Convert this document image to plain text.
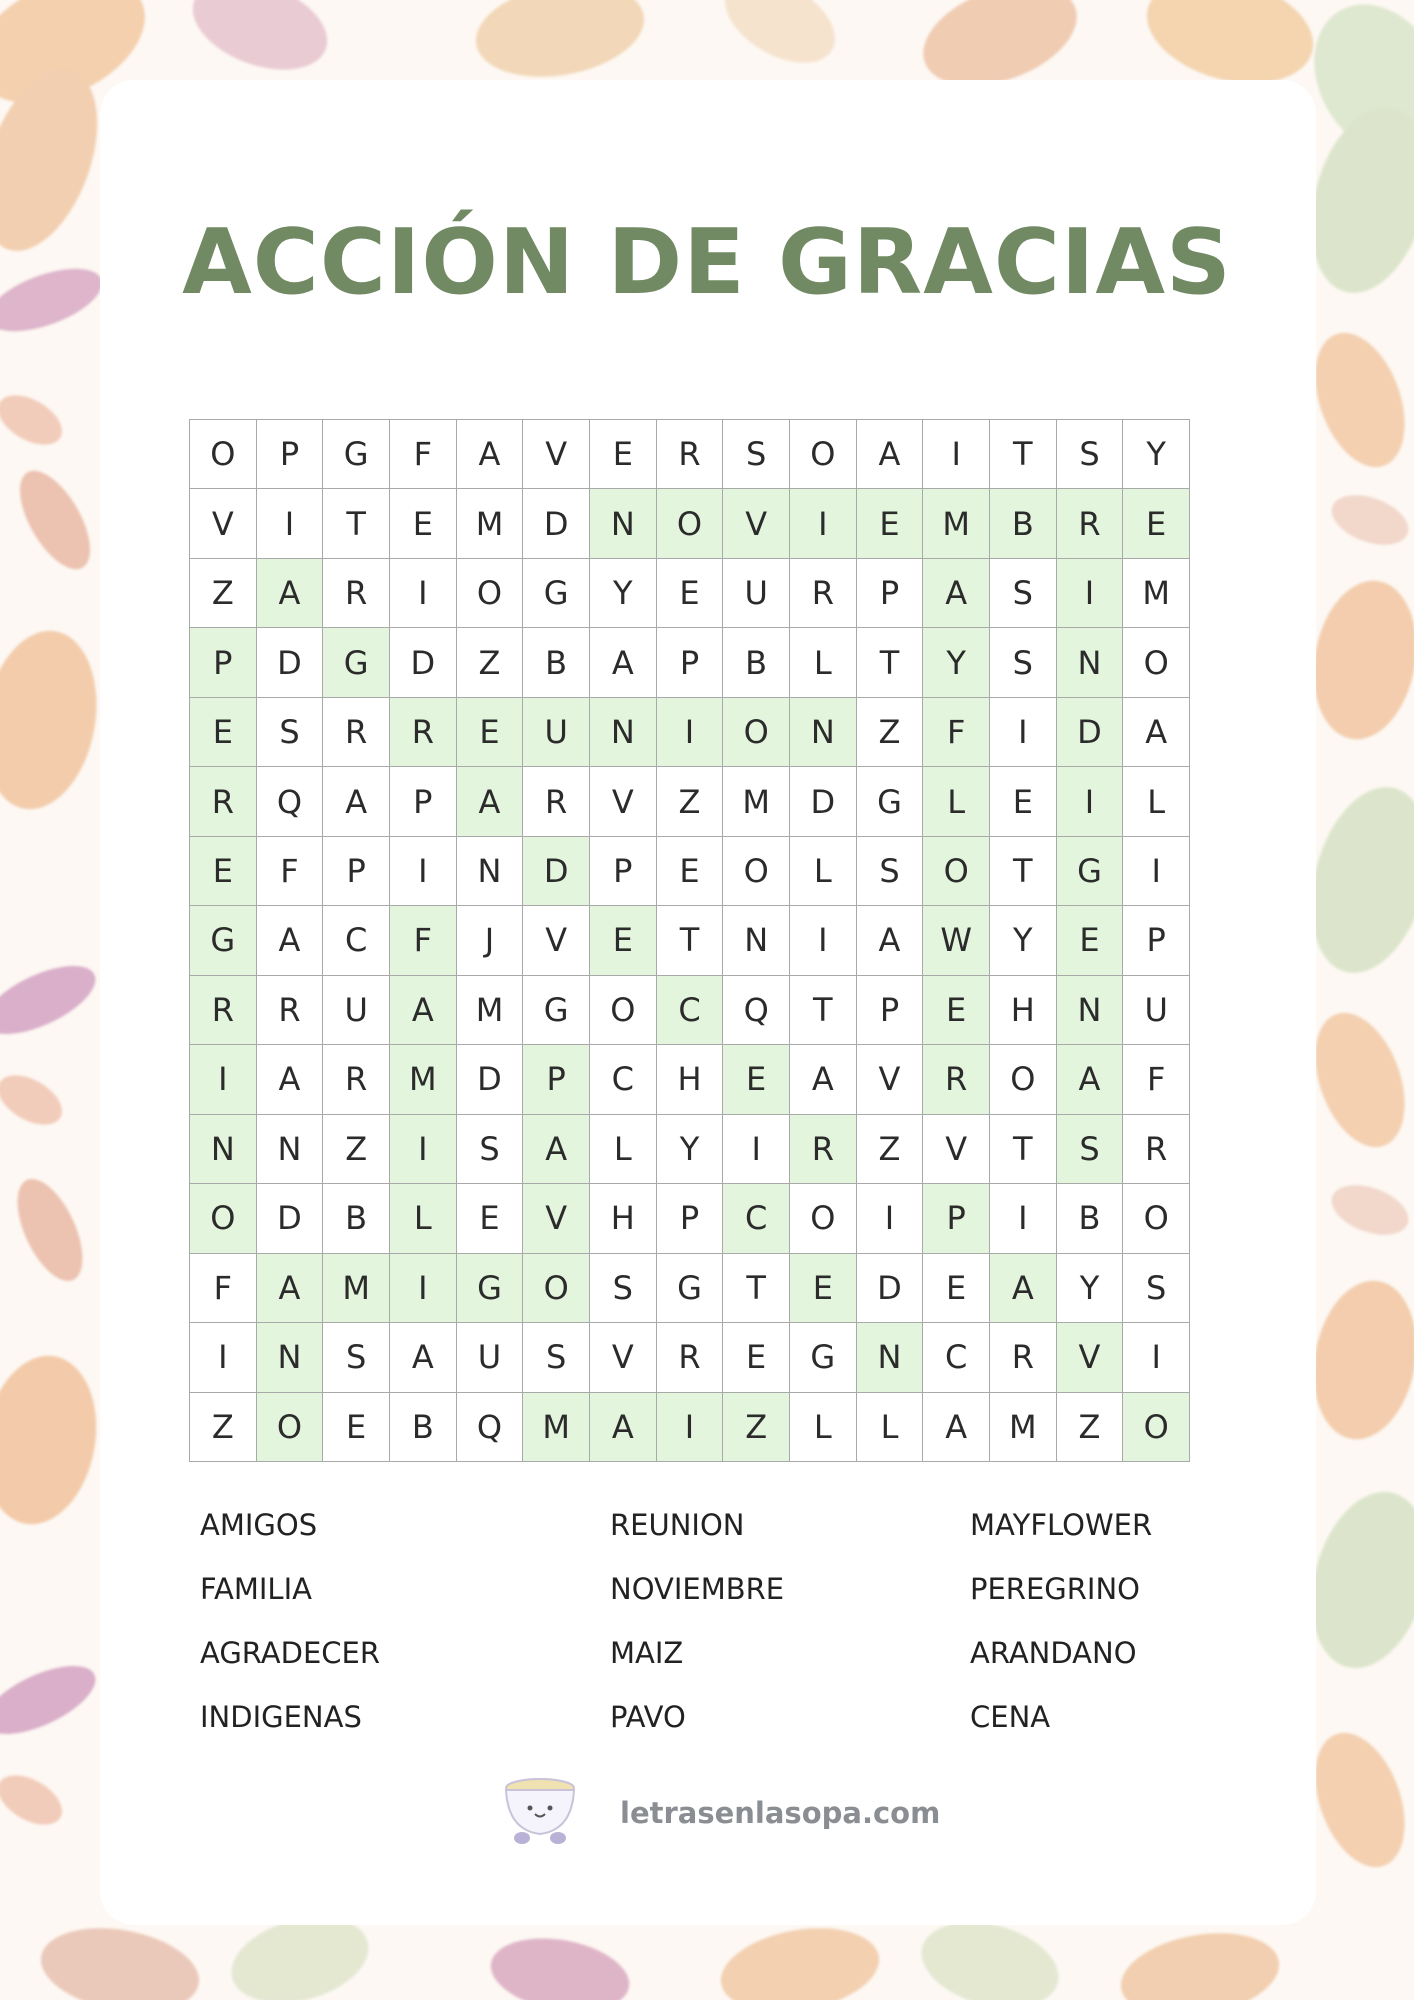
ACCIÓN DE GRACIAS
O	P	G	F	A	V	E	R	S	O	A	I	T	S	Y
V	I	T	E	M	D	N	O	V	I	E	M	B	R	E
Z	A	R	I	O	G	Y	E	U	R	P	A	S	I	M
P	D	G	D	Z	B	A	P	B	L	T	Y	S	N	O
E	S	R	R	E	U	N	I	O	N	Z	F	I	D	A
R	Q	A	P	A	R	V	Z	M	D	G	L	E	I	L
E	F	P	I	N	D	P	E	O	L	S	O	T	G	I
G	A	C	F	J	V	E	T	N	I	A	W	Y	E	P
R	R	U	A	M	G	O	C	Q	T	P	E	H	N	U
I	A	R	M	D	P	C	H	E	A	V	R	O	A	F
N	N	Z	I	S	A	L	Y	I	R	Z	V	T	S	R
O	D	B	L	E	V	H	P	C	O	I	P	I	B	O
F	A	M	I	G	O	S	G	T	E	D	E	A	Y	S
I	N	S	A	U	S	V	R	E	G	N	C	R	V	I
Z	O	E	B	Q	M	A	I	Z	L	L	A	M	Z	O
AMIGOS
FAMILIA
AGRADECER
INDIGENAS
REUNION
NOVIEMBRE
MAIZ
PAVO
MAYFLOWER
PEREGRINO
ARANDANO
CENA
letrasenlasopa.com
